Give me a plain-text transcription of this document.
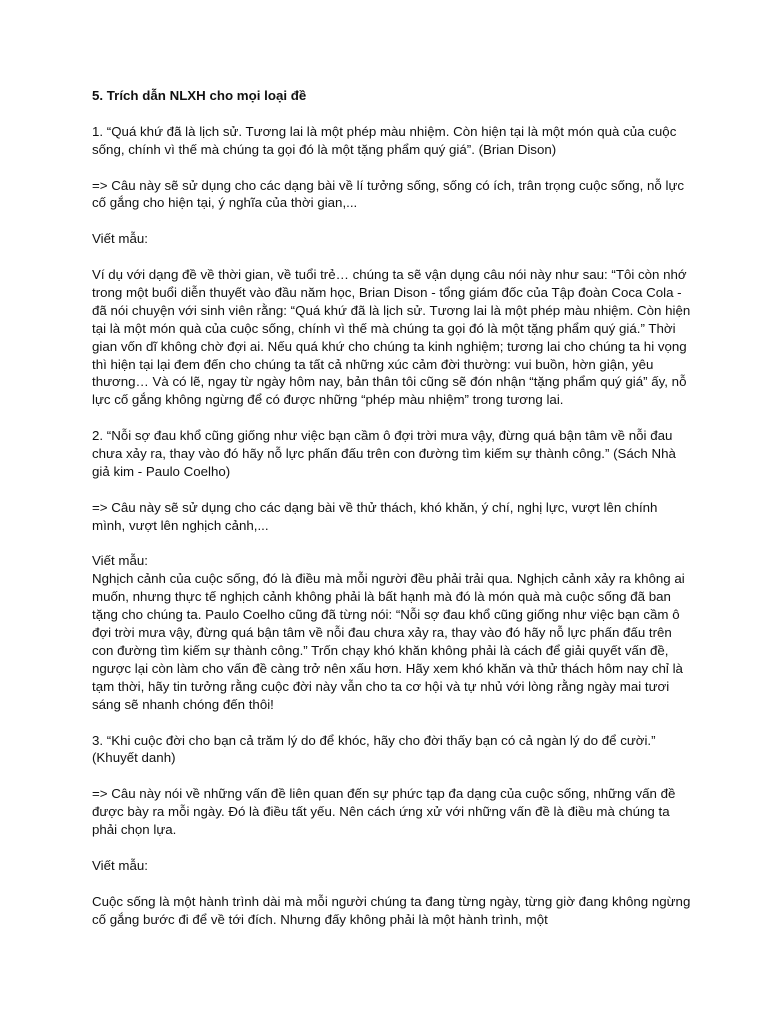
5. Trích dẫn NLXH cho mọi loại đề

1. “Quá khứ đã là lịch sử. Tương lai là một phép màu nhiệm. Còn hiện tại là một món quà của cuộc sống, chính vì thế mà chúng ta gọi đó là một tặng phẩm quý giá”. (Brian Dison)

=> Câu này sẽ sử dụng cho các dạng bài về lí tưởng sống, sống có ích, trân trọng cuộc sống, nỗ lực cố gắng cho hiện tại, ý nghĩa của thời gian,...

Viết mẫu:

Ví dụ với dạng đề về thời gian, về tuổi trẻ… chúng ta sẽ vận dụng câu nói này như sau: “Tôi còn nhớ trong một buổi diễn thuyết vào đầu năm học, Brian Dison - tổng giám đốc của Tập đoàn Coca Cola - đã nói chuyện với sinh viên rằng: “Quá khứ đã là lịch sử. Tương lai là một phép màu nhiệm. Còn hiện tại là một món quà của cuộc sống, chính vì thế mà chúng ta gọi đó là một tặng phẩm quý giá.” Thời gian vốn dĩ không chờ đợi ai. Nếu quá khứ cho chúng ta kinh nghiệm; tương lai cho chúng ta hi vọng thì hiện tại lại đem đến cho chúng ta tất cả những xúc cảm đời thường: vui buồn, hờn giận, yêu thương… Và có lẽ, ngay từ ngày hôm nay, bản thân tôi cũng sẽ đón nhận “tặng phẩm quý giá” ấy, nỗ lực cố gắng không ngừng để có được những “phép màu nhiệm” trong tương lai.

2. “Nỗi sợ đau khổ cũng giống như việc bạn cầm ô đợi trời mưa vậy, đừng quá bận tâm về nỗi đau chưa xảy ra, thay vào đó hãy nỗ lực phấn đấu trên con đường tìm kiếm sự thành công.” (Sách Nhà giả kim - Paulo Coelho)

=> Câu này sẽ sử dụng cho các dạng bài về thử thách, khó khăn, ý chí, nghị lực, vượt lên chính mình, vượt lên nghịch cảnh,...

Viết mẫu:

Nghịch cảnh của cuộc sống, đó là điều mà mỗi người đều phải trải qua. Nghịch cảnh xảy ra không ai muốn, nhưng thực tế nghịch cảnh không phải là bất hạnh mà đó là món quà mà cuộc sống đã ban tặng cho chúng ta. Paulo Coelho cũng đã từng nói: “Nỗi sợ đau khổ cũng giống như việc bạn cầm ô đợi trời mưa vậy, đừng quá bận tâm về nỗi đau chưa xảy ra, thay vào đó hãy nỗ lực phấn đấu trên con đường tìm kiếm sự thành công.” Trốn chạy khó khăn không phải là cách để giải quyết vấn đề, ngược lại còn làm cho vấn đề càng trở nên xấu hơn. Hãy xem khó khăn và thử thách hôm nay chỉ là tạm thời, hãy tin tưởng rằng cuộc đời này vẫn cho ta cơ hội và tự nhủ với lòng rằng ngày mai tươi sáng sẽ nhanh chóng đến thôi!

3. “Khi cuộc đời cho bạn cả trăm lý do để khóc, hãy cho đời thấy bạn có cả ngàn lý do để cười.” (Khuyết danh)

=> Câu này nói về những vấn đề liên quan đến sự phức tạp đa dạng của cuộc sống, những vấn đề được bày ra mỗi ngày. Đó là điều tất yếu. Nên cách ứng xử với những vấn đề là điều mà chúng ta phải chọn lựa.

Viết mẫu:

Cuộc sống là một hành trình dài mà mỗi người chúng ta đang từng ngày, từng giờ đang không ngừng cố gắng bước đi để về tới đích. Nhưng đấy không phải là một hành trình, một
